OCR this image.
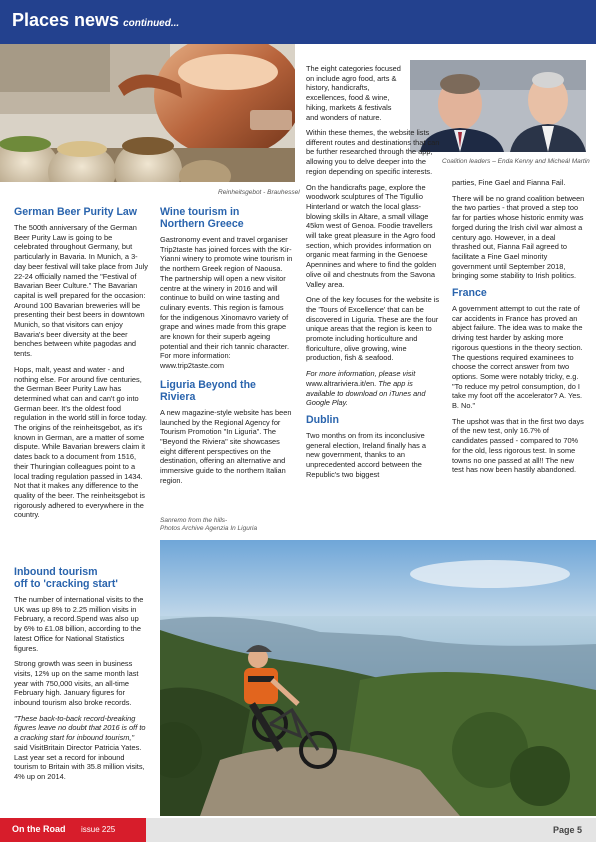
Places news continued...
Reinheitsgebot - Brauhessel
Coalition leaders – Enda Kenny and Micheál Martin
German Beer Purity Law

The 500th anniversary of the German Beer Purity Law is going to be celebrated throughout Germany, but particularly in Bavaria. In Munich, a 3-day beer festival will take place from July 22-24 officially named the "Festival of Bavarian Beer Culture." The Bavarian capital is well prepared for the occasion: Around 100 Bavarian breweries will be presenting their best beers in downtown Munich, so that visitors can enjoy Bavaria's beer diversity at the beer benches between white pagodas and tents.

Hops, malt, yeast and water - and nothing else. For around five centuries, the German Beer Purity Law has determined what can and can't go into German beer. It's the oldest food regulation in the world still in force today. The origins of the reinheitsgebot, as it's known in German, are a matter of some dispute. While Bavarian brewers claim it dates back to a document from 1516, their Thuringian colleagues point to a local trading regulation passed in 1434. Not that it makes any difference to the quality of the beer. The reinheitsgebot is rigorously adhered to everywhere in the country.

Inbound tourism
off to 'cracking start'

The number of international visits to the UK was up 8% to 2.25 million visits in February, a record.Spend was also up by 6% to £1.08 billion, according to the latest Office for National Statistics figures.

Strong growth was seen in business visits, 12% up on the same month last year with 750,000 visits, an all-time February high. January figures for inbound tourism also broke records.

"These back-to-back record-breaking figures leave no doubt that 2016 is off to a cracking start for inbound tourism," said VisitBritain Director Patricia Yates. Last year set a record for inbound tourism to Britain with 35.8 million visits, 4% up on 2014.

Wine tourism in
Northern Greece

Gastronomy event and travel organiser Trip2taste has joined forces with the Kir-Yianni winery to promote wine tourism in the northern Greek region of Naousa. The partnership will open a new visitor centre at the winery in 2016 and will continue to build on wine tasting and culinary events. This region is famous for the indigenous Xinomavro variety of grape and wines made from this grape are known for their superb ageing potential and their rich tannic character. For more information: www.trip2taste.com

Liguria Beyond the Riviera

A new magazine-style website has been launched by the Regional Agency for Tourism Promotion "In Liguria". The "Beyond the Riviera" site showcases eight different perspectives on the destination, offering an alternative and immersive guide to the northern Italian region.

Sanremo from the hills-
Photos Archive Agenzia In Liguria

The eight categories focused on include agro food, arts & history, handicrafts, excellences, food & wine, hiking, markets & festivals and wonders of nature.

Within these themes, the website lists different routes and destinations that can be further researched through the app, allowing you to delve deeper into the region depending on specific interests.

On the handicrafts page, explore the woodwork sculptures of The Tigullio Hinterland or watch the local glass-blowing skills in Altare, a small village 45km west of Genoa. Foodie travellers will take great pleasure in the Agro food section, which provides information on organic meat farming in the Genoese Apennines and where to find the golden olive oil and chestnuts from the Savona Valley area.

One of the key focuses for the website is the 'Tours of Excellence' that can be discovered in Liguria. These are the four unique areas that the region is keen to promote including horticulture and floriculture, olive growing, wine production, fish & seafood.

For more information, please visit
www.altrariviera.it/en. The app is available to download on iTunes and Google Play.

Dublin

Two months on from its inconclusive general election, Ireland finally has a new government, thanks to an unprecedented accord between the Republic's two biggest

parties, Fine Gael and Fianna Fail.

There will be no grand coalition between the two parties - that proved a step too far for parties whose historic enmity was forged during the Irish civil war almost a century ago. However, in a deal thrashed out, Fianna Fail agreed to facilitate a Fine Gael minority government until September 2018, bringing some stability to Irish politics.

France

A government attempt to cut the rate of car accidents in France has proved an abject failure. The idea was to make the driving test harder by asking more rigorous questions in the theory section. The questions required examinees to choose the correct answer from two options. Some were notably tricky, e.g. "To reduce my petrol consumption, do I take my foot off the accelerator? A. Yes. B. No."

The upshot was that in the first two days of the new test, only 16.7% of candidates passed - compared to 70% for the old, less rigorous test. In some towns no one passed at all!! The new test has now been hastily abandoned.

On the Road issue 225	Page 5
